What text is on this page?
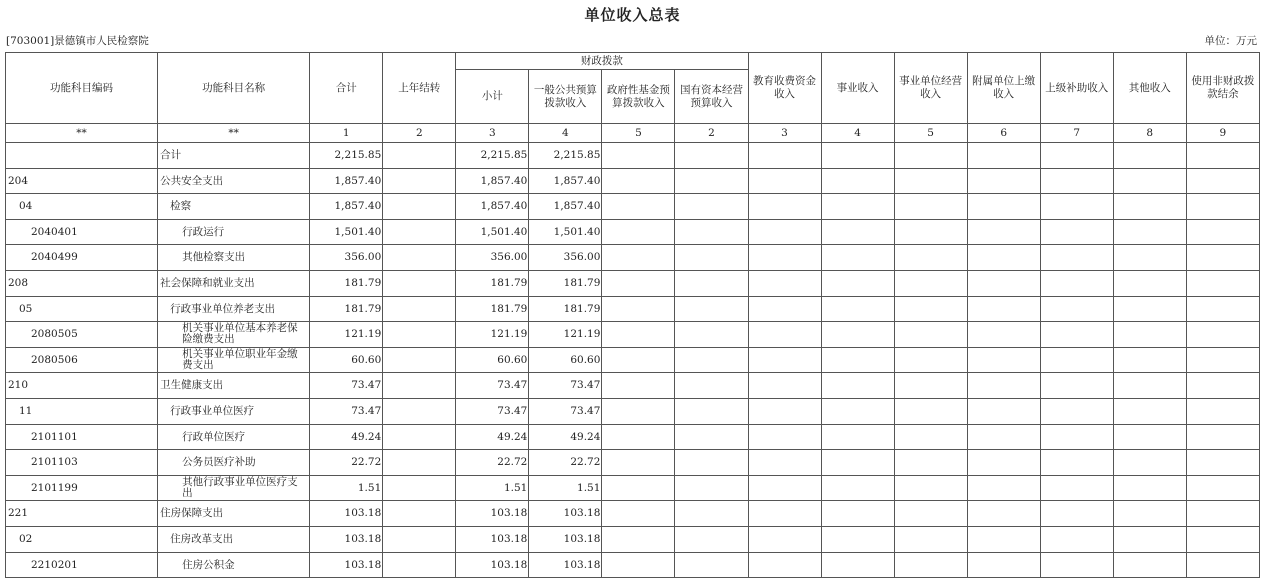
单位收入总表
[703001]景德镇市人民检察院	单位：万元
功能科目编码	功能科目名称	合计	上年结转	财政拨款				教育收费资金收入	事业收入	事业单位经营收入	附属单位上缴收入	上级补助收入	其他收入	使用非财政拨款结余
				小计	一般公共预算拨款收入	政府性基金预算拨款收入	国有资本经营预算收入							
**	**	1	2	3	4	5	2	3	4	5	6	7	8	9
	合计	2,215.85		2,215.85	2,215.85									
204	公共安全支出	1,857.40		1,857.40	1,857.40									
04	检察	1,857.40		1,857.40	1,857.40									
2040401	行政运行	1,501.40		1,501.40	1,501.40									
2040499	其他检察支出	356.00		356.00	356.00									
208	社会保障和就业支出	181.79		181.79	181.79									
05	行政事业单位养老支出	181.79		181.79	181.79									
2080505	机关事业单位基本养老保险缴费支出	121.19		121.19	121.19									
2080506	机关事业单位职业年金缴费支出	60.60		60.60	60.60									
210	卫生健康支出	73.47		73.47	73.47									
11	行政事业单位医疗	73.47		73.47	73.47									
2101101	行政单位医疗	49.24		49.24	49.24									
2101103	公务员医疗补助	22.72		22.72	22.72									
2101199	其他行政事业单位医疗支出	1.51		1.51	1.51									
221	住房保障支出	103.18		103.18	103.18									
02	住房改革支出	103.18		103.18	103.18									
2210201	住房公积金	103.18		103.18	103.18									
